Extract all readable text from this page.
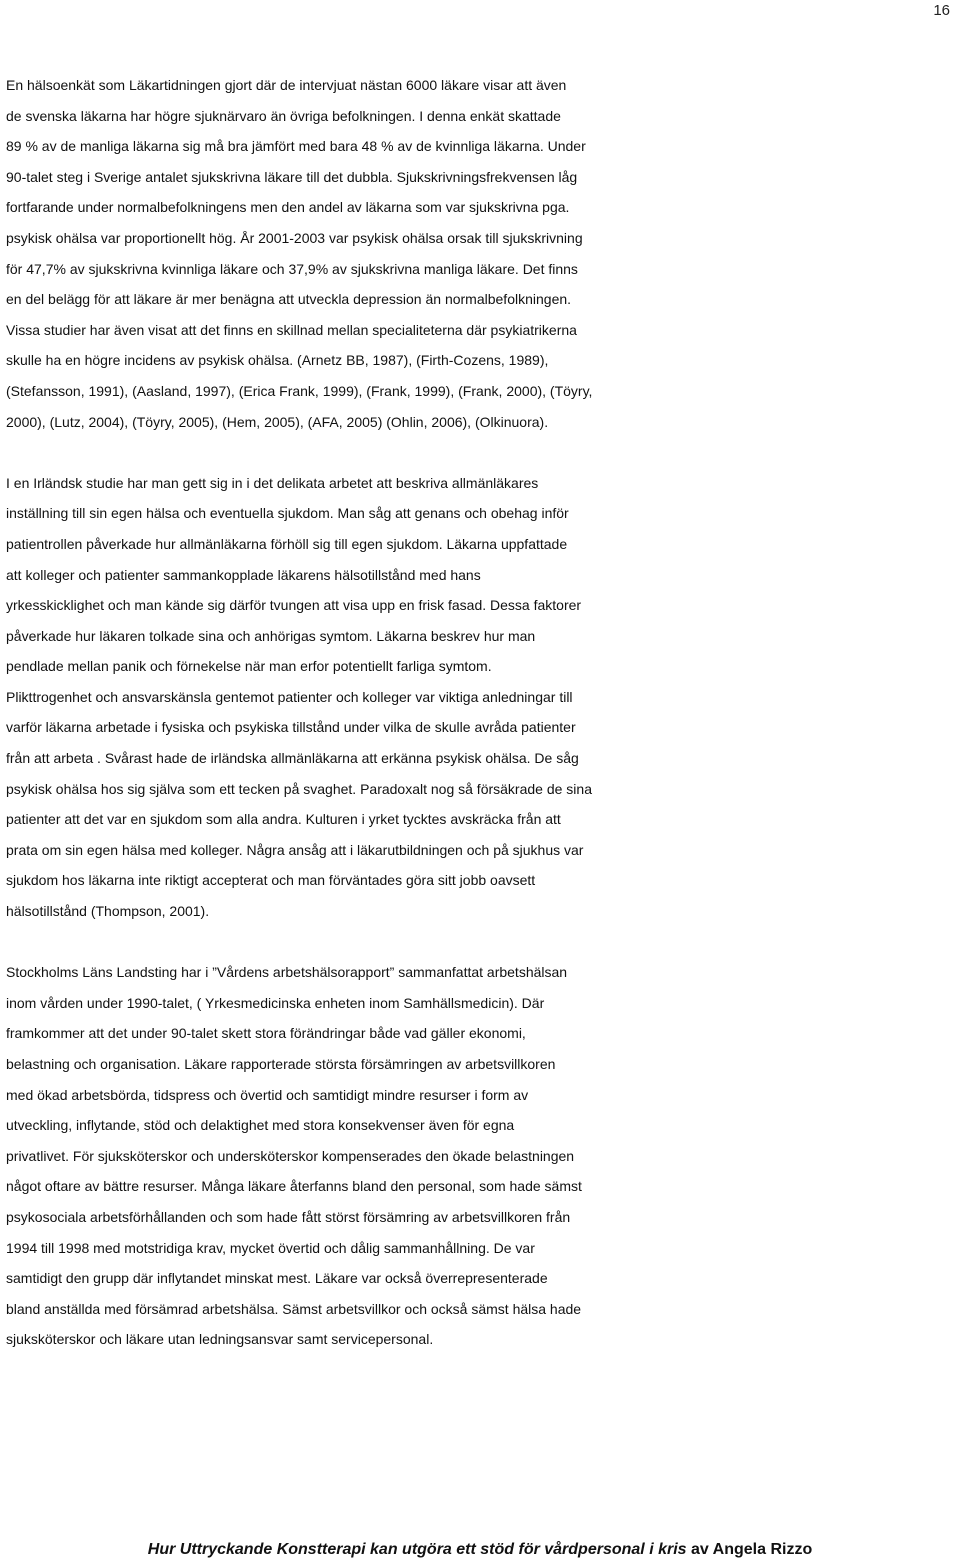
16
En hälsoenkät som Läkartidningen gjort där de intervjuat nästan 6000 läkare visar att även
de svenska läkarna har högre sjuknärvaro än övriga befolkningen. I denna enkät skattade
89 % av de manliga läkarna sig må bra jämfört med bara 48 % av de kvinnliga läkarna. Under
90-talet steg i Sverige antalet sjukskrivna läkare till det dubbla. Sjukskrivningsfrekvensen låg
fortfarande under normalbefolkningens men den andel av läkarna som var sjukskrivna pga.
psykisk ohälsa var proportionellt hög. År 2001-2003 var psykisk ohälsa orsak till sjukskrivning
för 47,7% av sjukskrivna kvinnliga läkare och 37,9% av sjukskrivna manliga läkare. Det finns
en del belägg för att läkare är mer benägna att utveckla depression än normalbefolkningen.
Vissa studier har även visat att det finns en skillnad mellan specialiteterna där psykiatrikerna
skulle ha en högre incidens av psykisk ohälsa. (Arnetz BB, 1987), (Firth-Cozens, 1989),
(Stefansson, 1991), (Aasland, 1997), (Erica Frank, 1999), (Frank, 1999), (Frank, 2000), (Töyry,
2000), (Lutz, 2004), (Töyry, 2005), (Hem, 2005), (AFA, 2005) (Ohlin, 2006), (Olkinuora).
I en Irländsk studie har man gett sig in i det delikata arbetet att beskriva allmänläkares
inställning till sin egen hälsa och eventuella sjukdom. Man såg att genans och obehag inför
patientrollen påverkade hur allmänläkarna förhöll sig till egen sjukdom. Läkarna uppfattade
att kolleger och patienter sammankopplade läkarens hälsotillstånd med hans
yrkesskicklighet och man kände sig därför tvungen att visa upp en frisk fasad. Dessa faktorer
påverkade hur läkaren tolkade sina och anhörigas symtom. Läkarna beskrev hur man
pendlade mellan panik och förnekelse när man erfor potentiellt farliga symtom.
Plikttrogenhet och ansvarskänsla gentemot patienter och kolleger var viktiga anledningar till
varför läkarna arbetade i fysiska och psykiska tillstånd under vilka de skulle avråda patienter
från att arbeta . Svårast hade de irländska allmänläkarna att erkänna psykisk ohälsa. De såg
psykisk ohälsa hos sig själva som ett tecken på svaghet. Paradoxalt nog så försäkrade de sina
patienter att det var en sjukdom som alla andra. Kulturen i yrket tycktes avskräcka från att
prata om sin egen hälsa med kolleger. Några ansåg att i läkarutbildningen och på sjukhus var
sjukdom hos läkarna inte riktigt accepterat och man förväntades göra sitt jobb oavsett
hälsotillstånd (Thompson, 2001).
Stockholms Läns Landsting har i ”Vårdens arbetshälsorapport” sammanfattat arbetshälsan
inom vården under 1990-talet, ( Yrkesmedicinska enheten inom Samhällsmedicin). Där
framkommer att det under 90-talet skett stora förändringar både vad gäller ekonomi,
belastning och organisation. Läkare rapporterade största försämringen av arbetsvillkoren
med ökad arbetsbörda, tidspress och övertid och samtidigt mindre resurser i form av
utveckling, inflytande, stöd och delaktighet med stora konsekvenser även för egna
privatlivet. För sjuksköterskor och undersköterskor kompenserades den ökade belastningen
något oftare av bättre resurser. Många läkare återfanns bland den personal, som hade sämst
psykosociala arbetsförhållanden och som hade fått störst försämring av arbetsvillkoren från
1994 till 1998 med motstridiga krav, mycket övertid och dålig sammanhållning. De var
samtidigt den grupp där inflytandet minskat mest. Läkare var också överrepresenterade
bland anställda med försämrad arbetshälsa. Sämst arbetsvillkor och också sämst hälsa hade
sjuksköterskor och läkare utan ledningsansvar samt servicepersonal.
Hur Uttryckande Konstterapi kan utgöra ett stöd för vårdpersonal i kris av Angela Rizzo
